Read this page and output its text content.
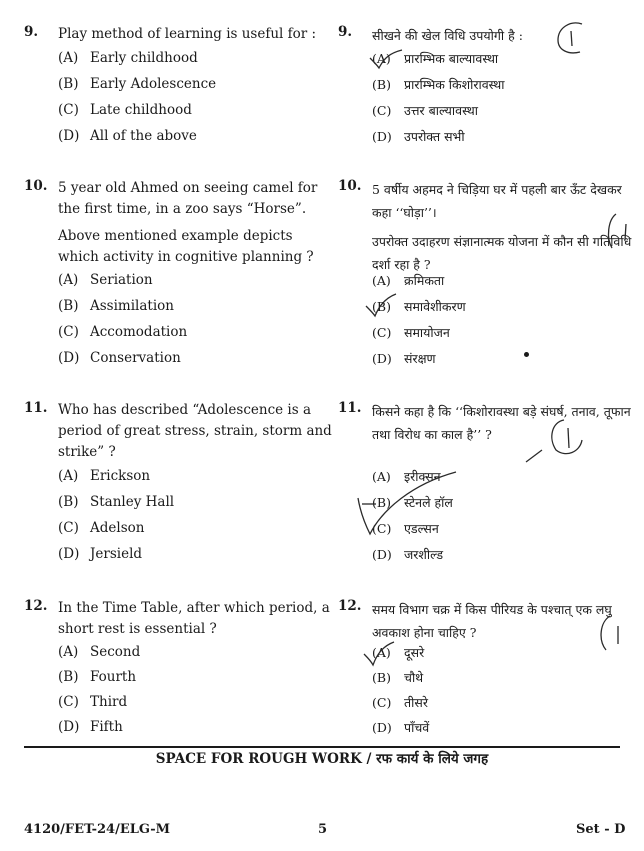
9. Play method of learning is useful for :

(A) Early childhood
(B) Early Adolescence
(C) Late childhood
(D) All of the above
9. सीखने की खेल विधि उपयोगी है :

(A) प्रारम्भिक बाल्यावस्था
(B) प्रारम्भिक किशोरावस्था
(C) उत्तर बाल्यावस्था
(D) उपरोक्त सभी
10. 5 year old Ahmed on seeing camel for the first time, in a zoo says “Horse”.

Above mentioned example depicts which activity in cognitive planning ?

(A) Seriation
(B) Assimilation
(C) Accomodation
(D) Conservation
10. 5 वर्षीय अहमद ने चिड़िया घर में पहली बार ऊँट देखकर कहा ‘‘घोड़ा’’।

उपरोक्त उदाहरण संज्ञानात्मक योजना में कौन सी गतिविधि दर्शा रहा है ?

(A) क्रमिकता
(B) समावेशीकरण
(C) समायोजन
(D) संरक्षण
11. Who has described “Adolescence is a period of great stress, strain, storm and strike” ?

(A) Erickson
(B) Stanley Hall
(C) Adelson
(D) Jersield
11. किसने कहा है कि ‘‘किशोरावस्था बड़े संघर्ष, तनाव, तूफान तथा विरोध का काल है’’ ?

(A) इरीक्सन
(B) स्टेनले हॉल
(C) एडल्सन
(D) जरशील्ड
12. In the Time Table, after which period, a short rest is essential ?

(A) Second
(B) Fourth
(C) Third
(D) Fifth
12. समय विभाग चक्र में किस पीरियड के पश्चात् एक लघु अवकाश होना चाहिए ?

(A) दूसरे
(B) चौथे
(C) तीसरे
(D) पाँचवें
SPACE FOR ROUGH WORK / रफ कार्य के लिये जगह
4120/FET-24/ELG-M	5	Set - D
